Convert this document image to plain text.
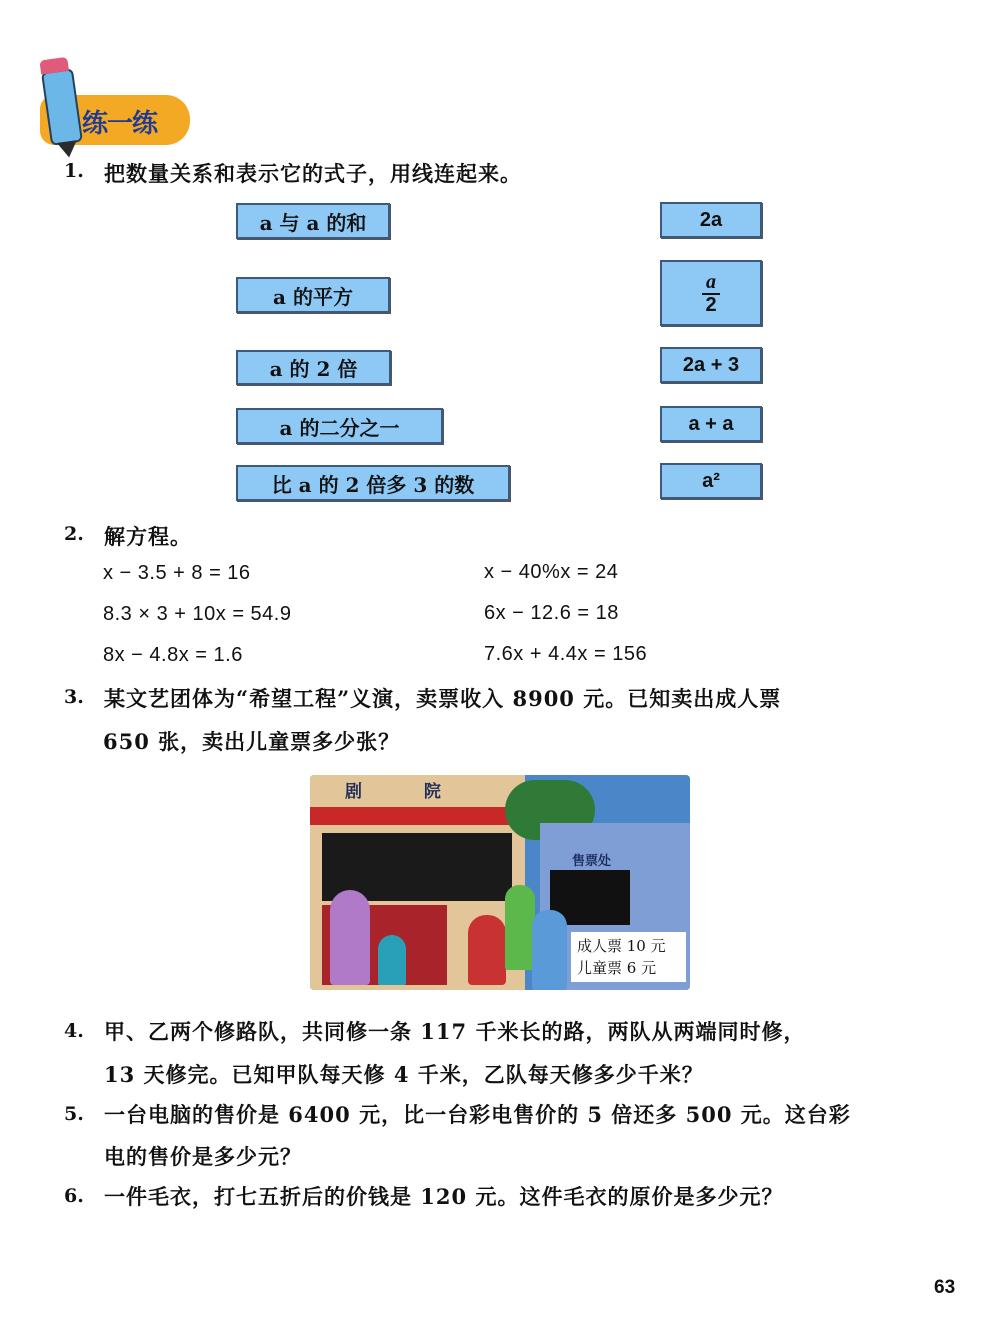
练一练
1. 把数量关系和表示它的式子，用线连起来。
a 与 a 的和
a 的平方
a 的 2 倍
a 的二分之一
比 a 的 2 倍多 3 的数
2a
$\frac{a}{2}$
2a + 3
a + a
a²
2. 解方程。
x − 3.5 + 8 = 16	x − 40%x = 24
8.3 × 3 + 10x = 54.9	6x − 12.6 = 18
8x − 4.8x = 1.6	7.6x + 4.4x = 156
3. 某文艺团体为“希望工程”义演，卖票收入 8900 元。已知卖出成人票
650 张，卖出儿童票多少张？
剧 院
售票处
成人票 10 元
儿童票 6 元
4. 甲、乙两个修路队，共同修一条 117 千米长的路，两队从两端同时修，
13 天修完。已知甲队每天修 4 千米，乙队每天修多少千米？
5. 一台电脑的售价是 6400 元，比一台彩电售价的 5 倍还多 500 元。这台彩
电的售价是多少元？
6. 一件毛衣，打七五折后的价钱是 120 元。这件毛衣的原价是多少元？
63
